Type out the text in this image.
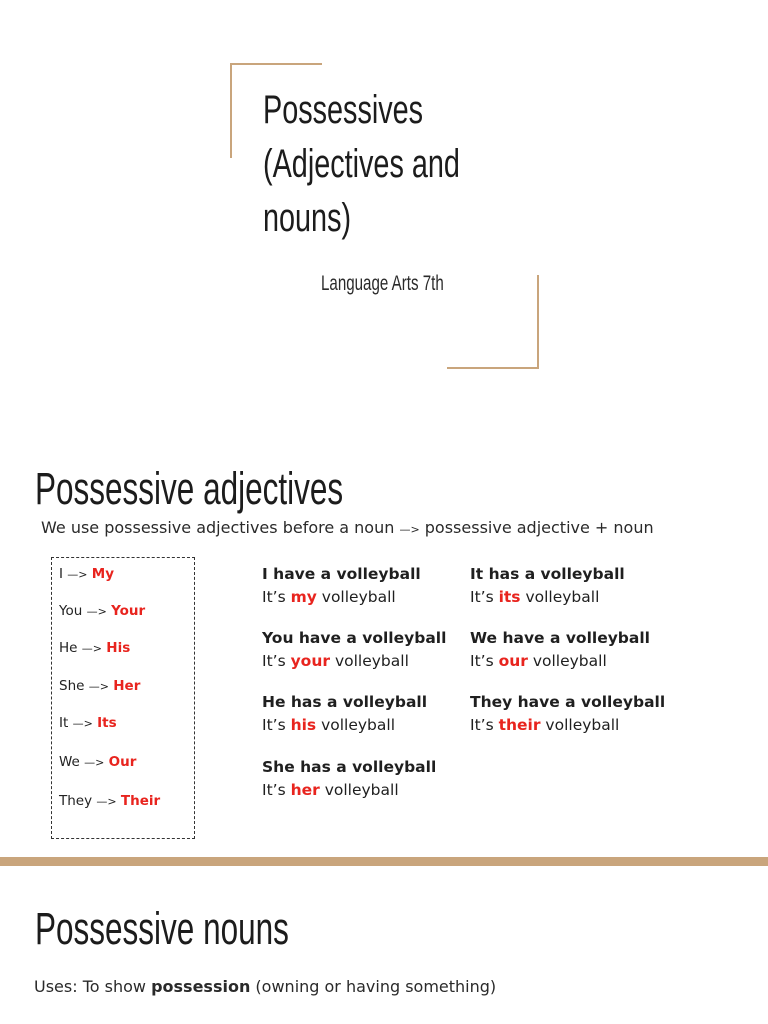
Possessives
(Adjectives and
nouns)
Language Arts 7th
Possessive adjectives
We use possessive adjectives before a noun —> possessive adjective + noun
I —> My
You —> Your
He —> His
She —> Her
It —> Its
We —> Our
They —> Their
I have a volleyball
It’s my volleyball
You have a volleyball
It’s your volleyball
He has a volleyball
It’s his volleyball
She has a volleyball
It’s her volleyball
It has a volleyball
It’s its volleyball
We have a volleyball
It’s our volleyball
They have a volleyball
It’s their volleyball
Possessive nouns
Uses: To show possession (owning or having something)
